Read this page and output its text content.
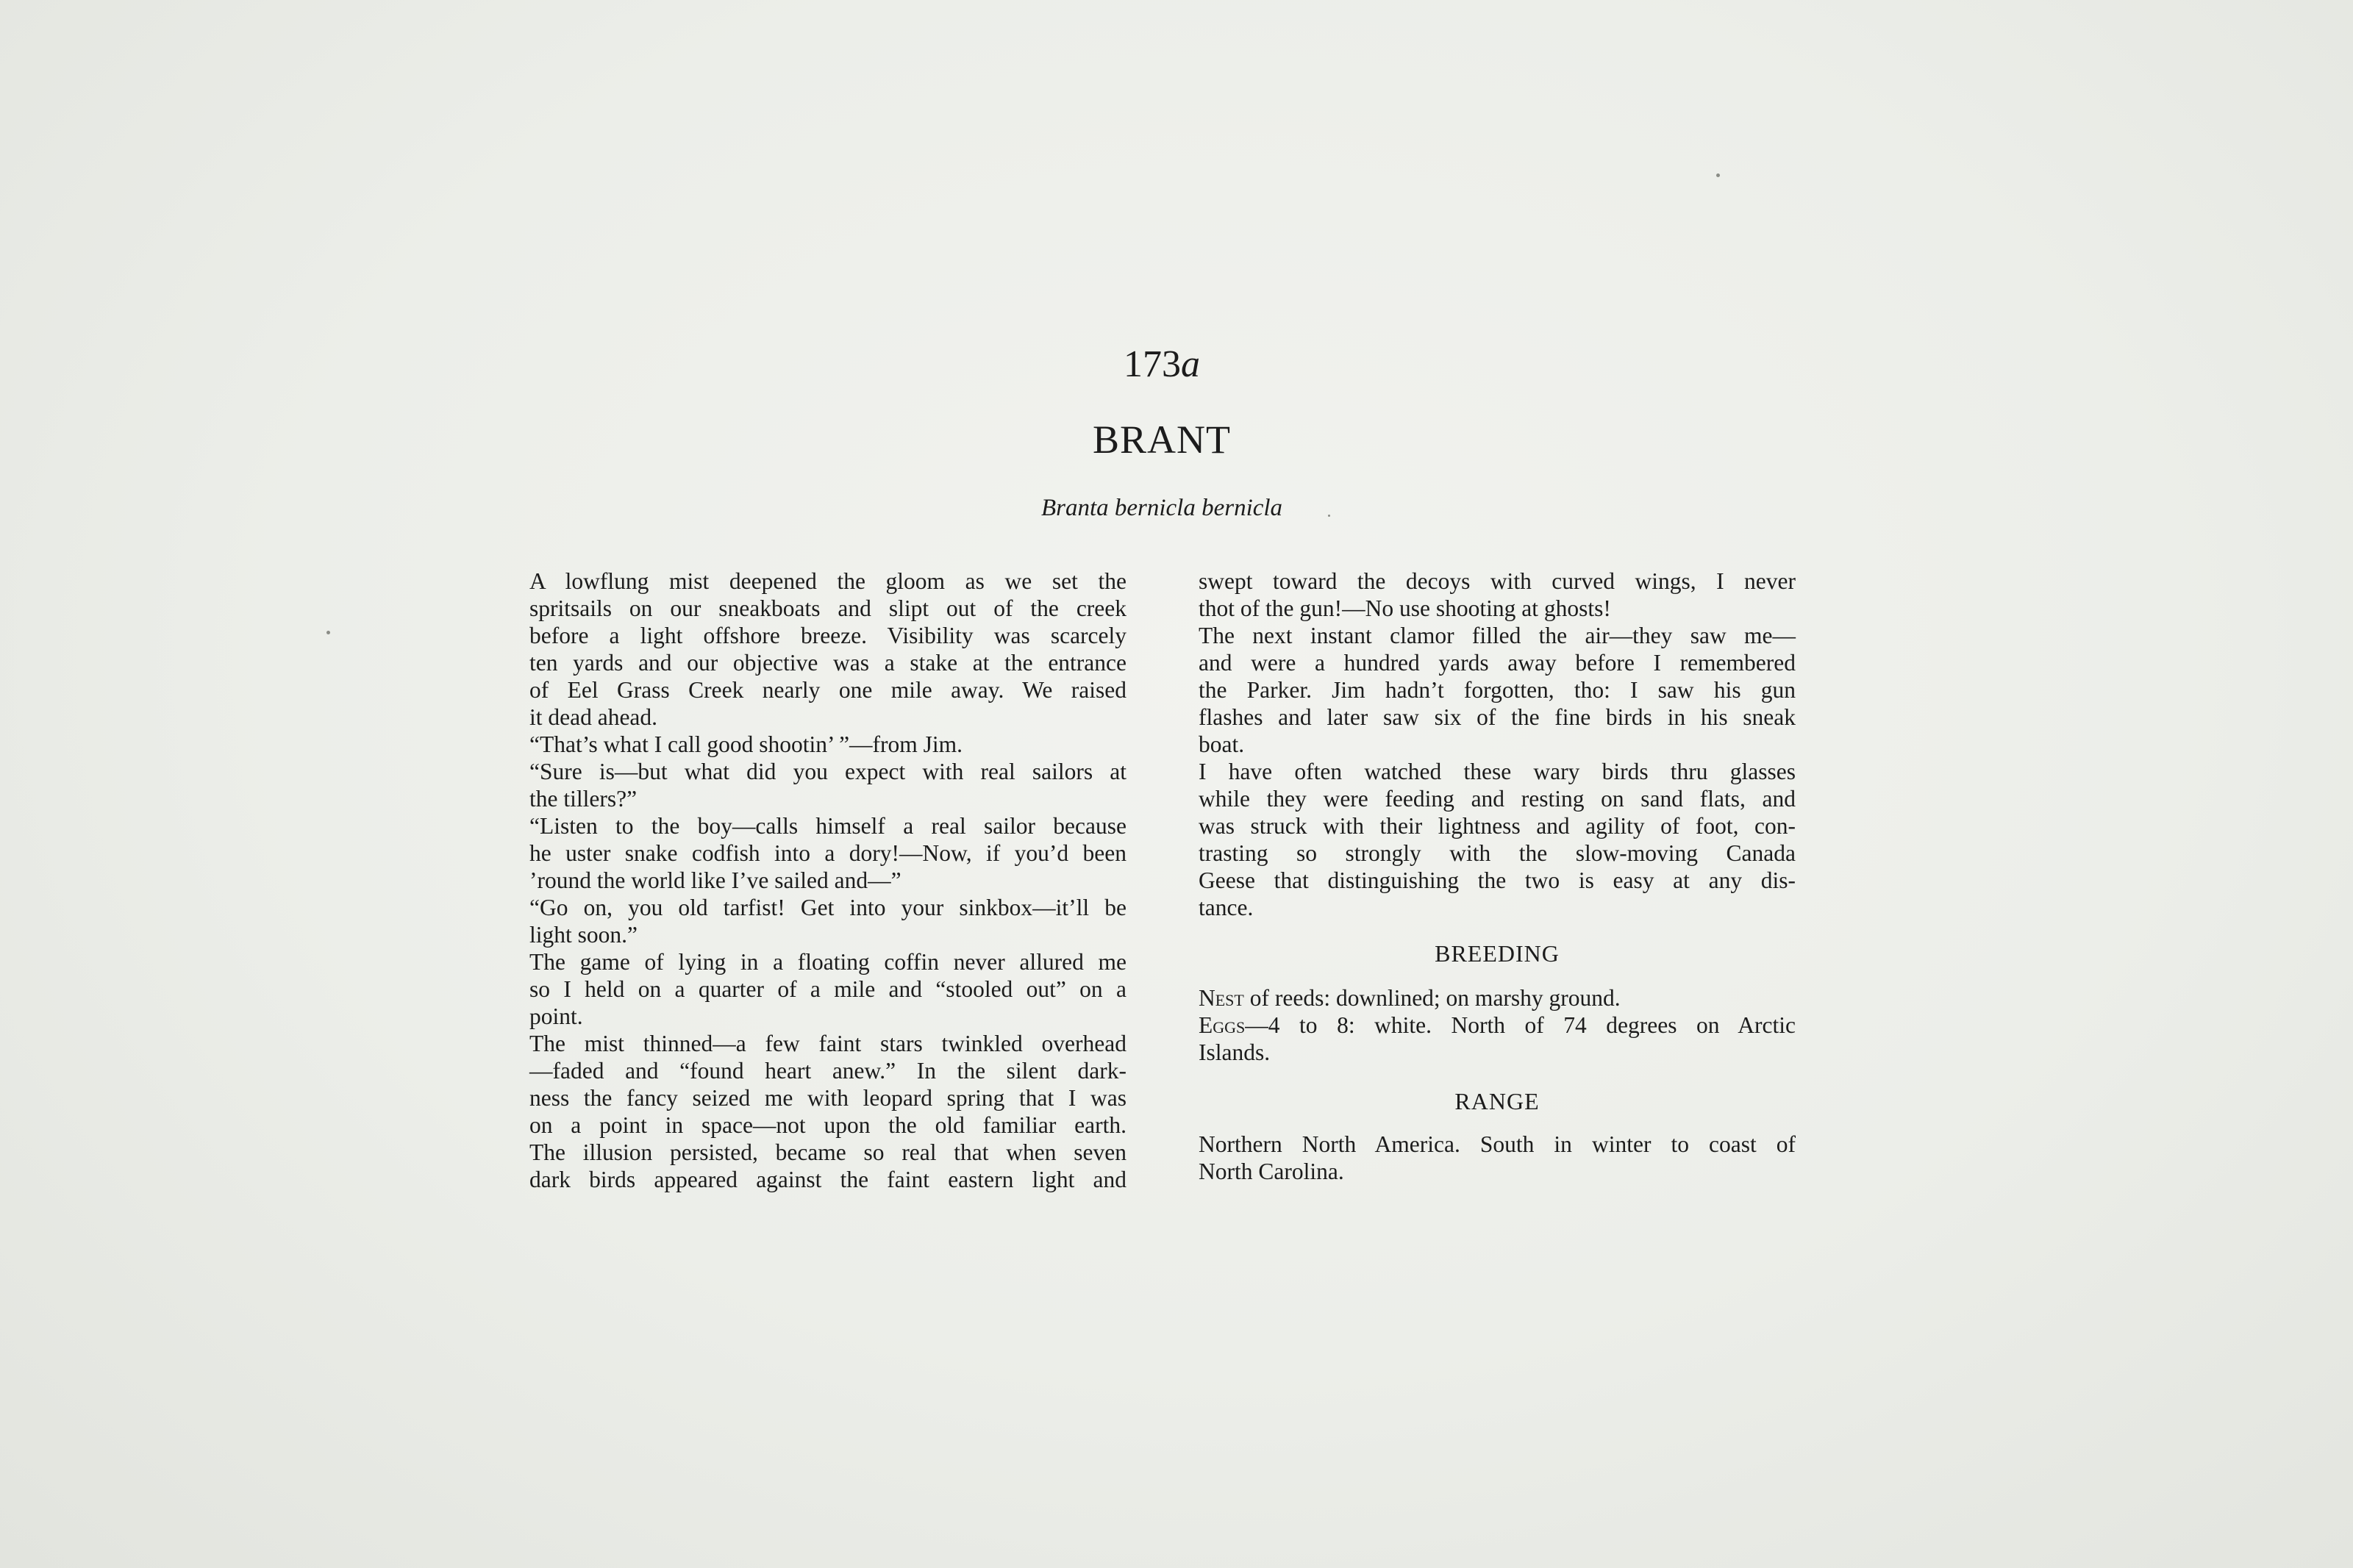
173a
BRANT
Branta bernicla bernicla
A lowflung mist deepened the gloom as we set the
spritsails on our sneakboats and slipt out of the creek
before a light offshore breeze. Visibility was scarcely
ten yards and our objective was a stake at the entrance
of Eel Grass Creek nearly one mile away. We raised
it dead ahead.
“That’s what I call good shootin’ ”—from Jim.
“Sure is—but what did you expect with real sailors at
the tillers?”
“Listen to the boy—calls himself a real sailor because
he uster snake codfish into a dory!—Now, if you’d been
’round the world like I’ve sailed and—”
“Go on, you old tarfist! Get into your sinkbox—it’ll be
light soon.”
The game of lying in a floating coffin never allured me
so I held on a quarter of a mile and “stooled out” on a
point.
The mist thinned—a few faint stars twinkled overhead
—faded and “found heart anew.” In the silent dark-
ness the fancy seized me with leopard spring that I was
on a point in space—not upon the old familiar earth.
The illusion persisted, became so real that when seven
dark birds appeared against the faint eastern light and
swept toward the decoys with curved wings, I never
thot of the gun!—No use shooting at ghosts!
The next instant clamor filled the air—they saw me—
and were a hundred yards away before I remembered
the Parker. Jim hadn’t forgotten, tho: I saw his gun
flashes and later saw six of the fine birds in his sneak
boat.
I have often watched these wary birds thru glasses
while they were feeding and resting on sand flats, and
was struck with their lightness and agility of foot, con-
trasting so strongly with the slow-moving Canada
Geese that distinguishing the two is easy at any dis-
tance.
BREEDING
Nest of reeds: downlined; on marshy ground.
Eggs—4 to 8: white. North of 74 degrees on Arctic
Islands.
RANGE
Northern North America. South in winter to coast of
North Carolina.
